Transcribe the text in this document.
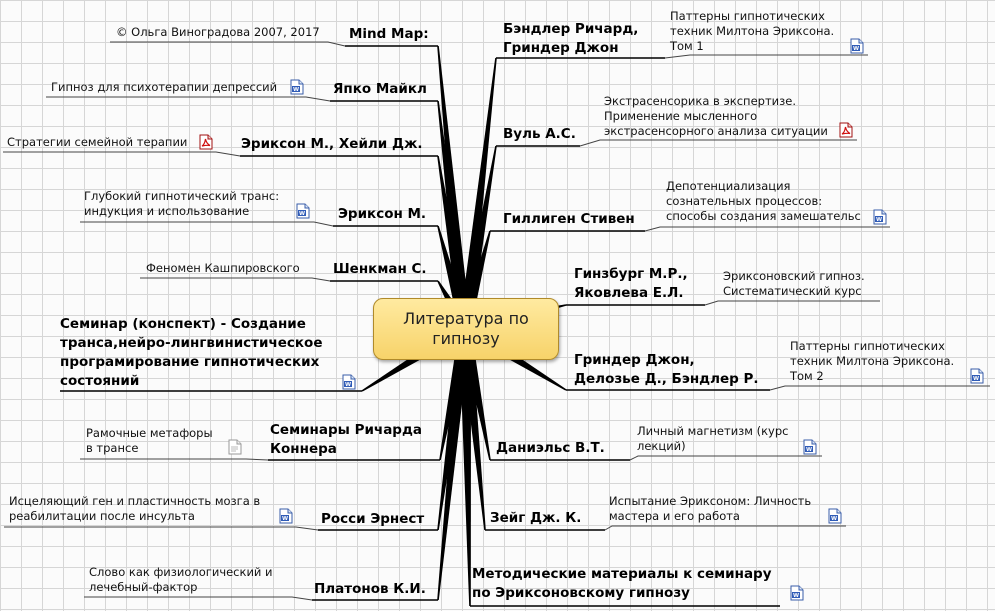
Литература по
гипнозу
Mind Map:
© Ольга Виноградова 2007, 2017
Япко Майкл
Гипноз для психотерапии депрессий	W
Эриксон М., Хейли Дж.
Стратегии семейной терапии
Эриксон М.
Глубокий гипнотический транс:
индукция и использование	W
Шенкман С.
Феномен Кашпировского
Семинар (конспект) - Создание
транса,нейро-лингвинистическое
програмирование гипнотических
состояний	W
Семинары Ричарда
Коннера
Рамочные метафоры
в трансе
Росси Эрнест
Исцеляющий ген и пластичность мозга в
реабилитации после инсульта	W
Платонов К.И.
Слово как физиологический и
лечебный-фактор
Бэндлер Ричард,
Гриндер Джон
Паттерны гипнотических
техник Милтона Эриксона.
Том 1	W
Вуль А.С.
Экстрасенсорика в экспертизе.
Применение мысленного
экстрасенсорного анализа ситуации
Гиллиген Стивен
Депотенциализация
сознательных процессов:
способы создания замешательс	W
Гинзбург М.Р.,
Яковлева Е.Л.
Эриксоновский гипноз.
Систематический курс
Гриндер Джон,
Делозье Д., Бэндлер Р.
Паттерны гипнотических
техник Милтона Эриксона.
Том 2	W
Даниэльс В.Т.
Личный магнетизм (курс
лекций)	W
Зейг Дж. К.
Испытание Эриксоном: Личность
мастера и его работа	W
Методические материалы к семинару
по Эриксоновскому гипнозу	W
